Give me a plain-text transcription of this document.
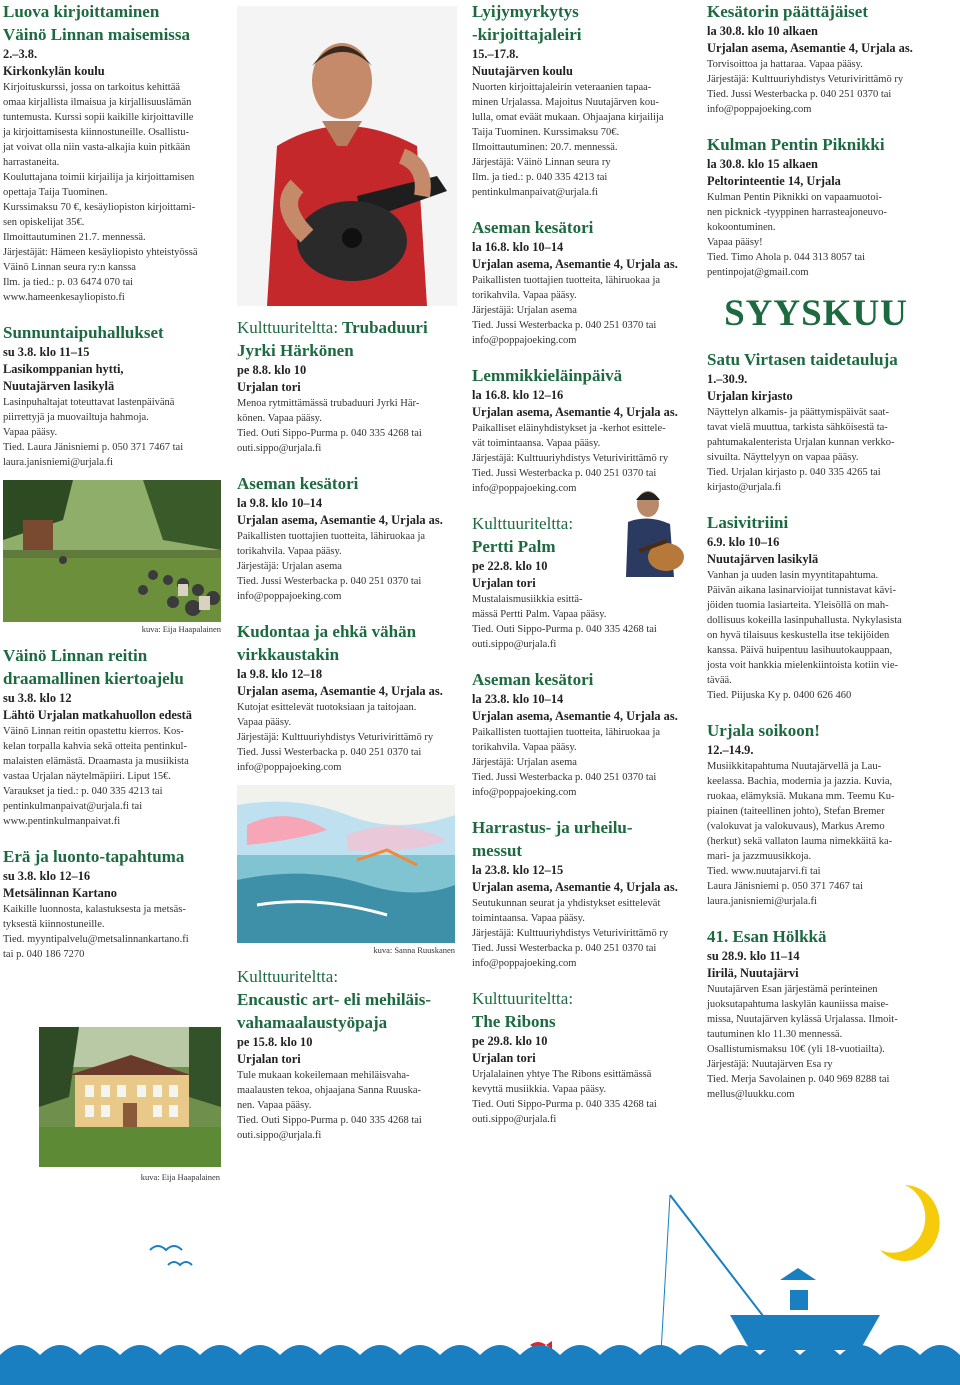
Luova kirjoittaminen
Väinö Linnan maisemissa
2.–3.8.
Kirkonkylän koulu

Kirjoituskurssi, jossa on tarkoitus kehittää

omaa kirjallista ilmaisua ja kirjallisuuslämän

tuntemusta. Kurssi sopii kaikille kirjoittaville

ja kirjoittamisesta kiinnostuneille. Osallistu-

jat voivat olla niin vasta-alkajia kuin pitkään

harrastaneita.

Kouluttajana toimii kirjailija ja kirjoittamisen

opettaja Taija Tuominen.

Kurssimaksu 70 €, kesäyliopiston kirjoittami-

sen opiskelijat 35€.

Ilmoittautuminen 21.7. mennessä.

Järjestäjät: Hämeen kesäyliopisto yhteistyössä

Väinö Linnan seura ry:n kanssa

Ilm. ja tied.: p. 03 6474 070 tai

www.hameenkesayliopisto.fi

Sunnuntaipuhallukset
su 3.8. klo 11–15
Lasikomppanian hytti,
Nuutajärven lasikylä

Lasinpuhaltajat toteuttavat lastenpäivänä

piirrettyjä ja muovailtuja hahmoja.

Vapaa pääsy.

Tied. Laura Jänisniemi p. 050 371 7467 tai

laura.janisniemi@urjala.fi

kuva: Eija Haapalainen
Väinö Linnan reitin
draamallinen kiertoajelu
su 3.8. klo 12
Lähtö Urjalan matkahuollon edestä

Väinö Linnan reitin opastettu kierros. Kos-

kelan torpalla kahvia sekä otteita pentinkul-

malaisten elämästä. Draamasta ja musiikista

vastaa Urjalan näytelmäpiiri. Liput 15€.

Varaukset ja tied.: p. 040 335 4213 tai

pentinkulmanpaivat@urjala.fi tai

www.pentinkulmanpaivat.fi

Erä ja luonto-tapahtuma
su 3.8. klo 12–16
Metsälinnan Kartano

Kaikille luonnosta, kalastuksesta ja metsäs-

tyksestä kiinnostuneille.

Tied. myyntipalvelu@metsalinnankartano.fi

tai p. 040 186 7270

kuva: Eija Haapalainen
Kulttuuriteltta: Trubaduuri
Jyrki Härkönen
pe 8.8. klo 10
Urjalan tori

Menoa rytmittämässä trubaduuri Jyrki Här-

könen. Vapaa pääsy.

Tied. Outi Sippo-Purma p. 040 335 4268 tai

outi.sippo@urjala.fi

Aseman kesätori
la 9.8. klo 10–14
Urjalan asema, Asemantie 4, Urjala as.

Paikallisten tuottajien tuotteita, lähiruokaa ja

torikahvila. Vapaa pääsy.

Järjestäjä: Urjalan asema

Tied. Jussi Westerbacka p. 040 251 0370 tai

info@poppajoeking.com

Kudontaa ja ehkä vähän
virkkaustakin
la 9.8. klo 12–18
Urjalan asema, Asemantie 4, Urjala as.

Kutojat esittelevät tuotoksiaan ja taitojaan.

Vapaa pääsy.

Järjestäjä: Kulttuuriyhdistys Veturivirittämö ry

Tied. Jussi Westerbacka p. 040 251 0370 tai

info@poppajoeking.com

kuva: Sanna Ruuskanen
Kulttuuriteltta:
Encaustic art- eli mehiläis-
vahamaalaustyöpaja
pe 15.8. klo 10
Urjalan tori

Tule mukaan kokeilemaan mehiläisvaha-

maalausten tekoa, ohjaajana Sanna Ruuska-

nen. Vapaa pääsy.

Tied. Outi Sippo-Purma p. 040 335 4268 tai

outi.sippo@urjala.fi

Lyijymyrkytys
-kirjoittajaleiri
15.–17.8.
Nuutajärven koulu

Nuorten kirjoittajaleirin veteraanien tapaa-

minen Urjalassa. Majoitus Nuutajärven kou-

lulla, omat eväät mukaan. Ohjaajana kirjailija

Taija Tuominen. Kurssimaksu 70€.

Ilmoittautuminen: 20.7. mennessä.

Järjestäjä: Väinö Linnan seura ry

Ilm. ja tied.: p. 040 335 4213 tai

pentinkulmanpaivat@urjala.fi

Aseman kesätori
la 16.8. klo 10–14
Urjalan asema, Asemantie 4, Urjala as.

Paikallisten tuottajien tuotteita, lähiruokaa ja

torikahvila. Vapaa pääsy.

Järjestäjä: Urjalan asema

Tied. Jussi Westerbacka p. 040 251 0370 tai

info@poppajoeking.com

Lemmikkieläinpäivä
la 16.8. klo 12–16
Urjalan asema, Asemantie 4, Urjala as.

Paikalliset eläinyhdistykset ja -kerhot esittele-

vät toimintaansa. Vapaa pääsy.

Järjestäjä: Kulttuuriyhdistys Veturivirittämö ry

Tied. Jussi Westerbacka p. 040 251 0370 tai

info@poppajoeking.com

Kulttuuriteltta:
Pertti Palm
pe 22.8. klo 10
Urjalan tori

Mustalaismusiikkia esittä-

mässä Pertti Palm. Vapaa pääsy.

Tied. Outi Sippo-Purma p. 040 335 4268 tai

outi.sippo@urjala.fi

Aseman kesätori
la 23.8. klo 10–14
Urjalan asema, Asemantie 4, Urjala as.

Paikallisten tuottajien tuotteita, lähiruokaa ja

torikahvila. Vapaa pääsy.

Järjestäjä: Urjalan asema

Tied. Jussi Westerbacka p. 040 251 0370 tai

info@poppajoeking.com

Harrastus- ja urheilu-
messut
la 23.8. klo 12–15
Urjalan asema, Asemantie 4, Urjala as.

Seutukunnan seurat ja yhdistykset esittelevät

toimintaansa. Vapaa pääsy.

Järjestäjä: Kulttuuriyhdistys Veturivirittämö ry

Tied. Jussi Westerbacka p. 040 251 0370 tai

info@poppajoeking.com

Kulttuuriteltta:
The Ribons
pe 29.8. klo 10
Urjalan tori

Urjalalainen yhtye The Ribons esittämässä

kevyttä musiikkia. Vapaa pääsy.

Tied. Outi Sippo-Purma p. 040 335 4268 tai

outi.sippo@urjala.fi

Kesätorin päättäjäiset
la 30.8. klo 10 alkaen
Urjalan asema, Asemantie 4, Urjala as.

Torvisoittoa ja hattaraa. Vapaa pääsy.

Järjestäjä: Kulttuuriyhdistys Veturivirittämö ry

Tied. Jussi Westerbacka p. 040 251 0370 tai

info@poppajoeking.com

Kulman Pentin Piknikki
la 30.8. klo 15 alkaen
Peltorinteentie 14, Urjala

Kulman Pentin Piknikki on vapaamuotoi-

nen picknick -tyyppinen harrasteajoneuvo-

kokoontuminen.

Vapaa pääsy!

Tied. Timo Ahola p. 044 313 8057 tai

pentinpojat@gmail.com

SYYSKUU
Satu Virtasen taidetauluja
1.–30.9.
Urjalan kirjasto

Näyttelyn alkamis- ja päättymispäivät saat-

tavat vielä muuttua, tarkista sähköisestä ta-

pahtumakalenterista Urjalan kunnan verkko-

sivuilta. Näyttelyyn on vapaa pääsy.

Tied. Urjalan kirjasto p. 040 335 4265 tai

kirjasto@urjala.fi

Lasivitriini
6.9. klo 10–16
Nuutajärven lasikylä

Vanhan ja uuden lasin myyntitapahtuma.

Päivän aikana lasinarvioijat tunnistavat kävi-

jöiden tuomia lasiarteita. Yleisöllä on mah-

dollisuus kokeilla lasinpuhallusta. Nykylasista

on hyvä tilaisuus keskustella itse tekijöiden

kanssa. Päivä huipentuu lasihuutokauppaan,

josta voit hankkia mielenkiintoista kotiin vie-

tävää.

Tied. Piijuska Ky p. 0400 626 460

Urjala soikoon!
12.–14.9.

Musiikkitapahtuma Nuutajärvellä ja Lau-

keelassa. Bachia, modernia ja jazzia. Kuvia,

ruokaa, elämyksiä. Mukana mm. Teemu Ku-

piainen (taiteellinen johto), Stefan Bremer

(valokuvat ja valokuvaus), Markus Aremo

(herkut) sekä vallaton lauma nimekkäitä ka-

mari- ja jazzmuusikkoja.

Tied. www.nuutajarvi.fi tai

Laura Jänisniemi p. 050 371 7467 tai

laura.janisniemi@urjala.fi

41. Esan Hölkkä
su 28.9. klo 11–14
Iirilä, Nuutajärvi

Nuutajärven Esan järjestämä perinteinen

juoksutapahtuma laskylän kauniissa maise-

missa, Nuutajärven kylässä Urjalassa. Ilmoit-

tautuminen klo 11.30 mennessä.

Osallistumismaksu 10€ (yli 18-vuotiailta).

Järjestäjä: Nuutajärven Esa ry

Tied. Merja Savolainen p. 040 969 8288 tai

mellus@luukku.com
